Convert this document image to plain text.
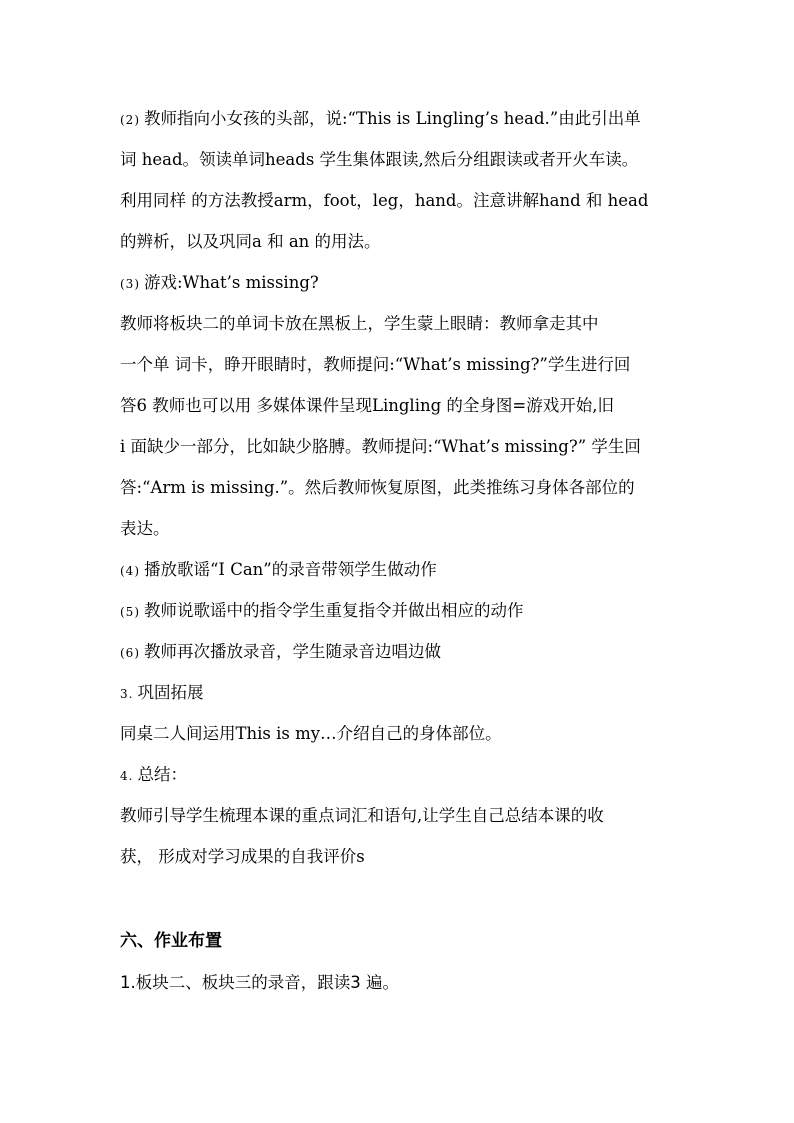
(2) 教师指向小女孩的头部，说:“This is Lingling’s head.”由此引出单
词 head。领读单词heads 学生集体跟读,然后分组跟读或者开火车读。
利用同样 的方法教授arm，foot，leg，hand。注意讲解hand 和 head
的辨析，以及巩同a 和 an 的用法。
(3) 游戏:What’s missing?
教师将板块二的单词卡放在黑板上，学生蒙上眼睛：教师拿走其中
一个单 词卡，睁开眼睛时，教师提问:“What’s missing?”学生进行回
答6 教师也可以用 多媒体课件呈现Lingling 的全身图=游戏开始,旧
i 面缺少一部分，比如缺少胳膊。教师提问:“What’s missing?” 学生回
答:“Arm is missing.”。然后教师恢复原图，此类推练习身体各部位的
表达。
(4) 播放歌谣“I Can”的录音带领学生做动作
(5) 教师说歌谣中的指令学生重复指令并做出相应的动作
(6) 教师再次播放录音，学生随录音边唱边做
3. 巩固拓展
同桌二人间运用This is my…介绍自己的身体部位。
4. 总结：
教师引导学生梳理本课的重点词汇和语句,让学生自己总结本课的收
获， 形成对学习成果的自我评价s
六、作业布置
1.板块二、板块三的录音，跟读3 遍。
